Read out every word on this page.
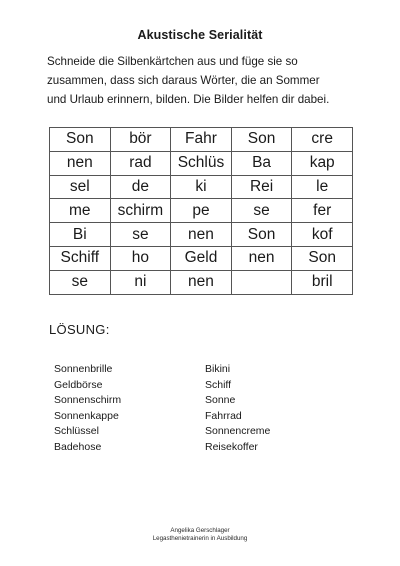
Akustische Serialität

Schneide die Silbenkärtchen aus und füge sie so
zusammen, dass sich daraus Wörter, die an Sommer
und Urlaub erinnern, bilden. Die Bilder helfen dir dabei.

Son	bör	Fahr	Son	cre
nen	rad	Schlüs	Ba	kap
sel	de	ki	Rei	le
me	schirm	pe	se	fer
Bi	se	nen	Son	kof
Schiff	ho	Geld	nen	Son
se	ni	nen		bril
LÖSUNG:
Sonnenbrille
Geldbörse
Sonnenschirm
Sonnenkappe
Schlüssel
Badehose
Bikini
Schiff
Sonne
Fahrrad
Sonnencreme
Reisekoffer
Angelika Gerschlager
Legasthenietrainerin in Ausbildung
